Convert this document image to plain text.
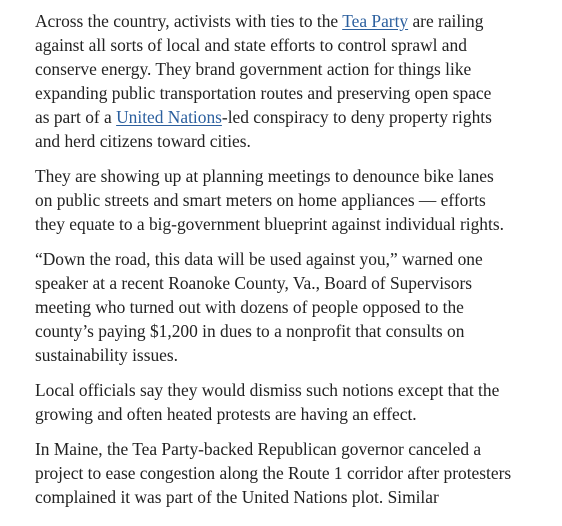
Across the country, activists with ties to the Tea Party are railing
against all sorts of local and state efforts to control sprawl and
conserve energy. They brand government action for things like
expanding public transportation routes and preserving open space
as part of a United Nations-led conspiracy to deny property rights
and herd citizens toward cities.

They are showing up at planning meetings to denounce bike lanes
on public streets and smart meters on home appliances — efforts
they equate to a big-government blueprint against individual rights.

“Down the road, this data will be used against you,” warned one
speaker at a recent Roanoke County, Va., Board of Supervisors
meeting who turned out with dozens of people opposed to the
county’s paying $1,200 in dues to a nonprofit that consults on
sustainability issues.

Local officials say they would dismiss such notions except that the
growing and often heated protests are having an effect.

In Maine, the Tea Party-backed Republican governor canceled a
project to ease congestion along the Route 1 corridor after protesters
complained it was part of the United Nations plot. Similar
